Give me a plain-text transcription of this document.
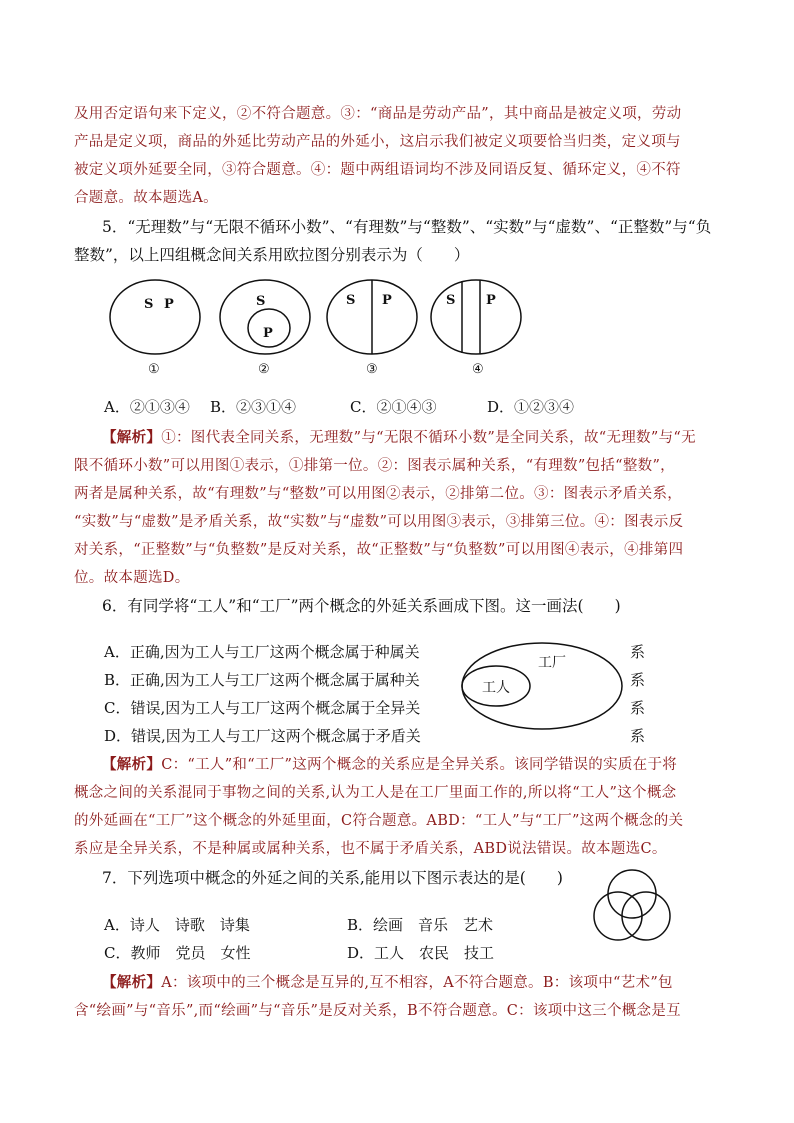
及用否定语句来下定义，②不符合题意。③：“商品是劳动产品”，其中商品是被定义项，劳动
产品是定义项，商品的外延比劳动产品的外延小，这启示我们被定义项要恰当归类，定义项与
被定义项外延要全同，③符合题意。④：题中两组语词均不涉及同语反复、循环定义，④不符
合题意。故本题选A。
5．“无理数”与“无限不循环小数”、“有理数”与“整数”、“实数”与“虚数”、“正整数”与“负
整数”，以上四组概念间关系用欧拉图分别表示为（　　）
S P	S
P
S P	S P
①	②	③	④
A．②①③④ B．②③①④	C．②①④③	D．①②③④
【解析】①：图代表全同关系，无理数”与“无限不循环小数”是全同关系，故“无理数”与“无
限不循环小数”可以用图①表示，①排第一位。②：图表示属种关系，“有理数”包括“整数”，
两者是属种关系，故“有理数”与“整数”可以用图②表示，②排第二位。③：图表示矛盾关系，
“实数”与“虚数”是矛盾关系，故“实数”与“虚数”可以用图③表示，③排第三位。④：图表示反
对关系，“正整数”与“负整数”是反对关系，故“正整数”与“负整数”可以用图④表示，④排第四
位。故本题选D。
6．有同学将“工人”和“工厂”两个概念的外延关系画成下图。这一画法(　　)
A．正确,因为工人与工厂这两个概念属于种属关
B．正确,因为工人与工厂这两个概念属于属种关
C．错误,因为工人与工厂这两个概念属于全异关
D．错误,因为工人与工厂这两个概念属于矛盾关
系
系
系
系
工厂
工人
【解析】C：“工人”和“工厂”这两个概念的关系应是全异关系。该同学错误的实质在于将
概念之间的关系混同于事物之间的关系,认为工人是在工厂里面工作的,所以将“工人”这个概念
的外延画在“工厂”这个概念的外延里面，C符合题意。ABD：“工人”与“工厂”这两个概念的关
系应是全异关系，不是种属或属种关系，也不属于矛盾关系，ABD说法错误。故本题选C。
7．下列选项中概念的外延之间的关系,能用以下图示表达的是(　　)
A．诗人　诗歌　诗集	B．绘画　音乐　艺术
C．教师　党员　女性	D．工人　农民　技工
【解析】A：该项中的三个概念是互异的,互不相容，A不符合题意。B：该项中“艺术”包
含“绘画”与“音乐”,而“绘画”与“音乐”是反对关系，B不符合题意。C：该项中这三个概念是互
